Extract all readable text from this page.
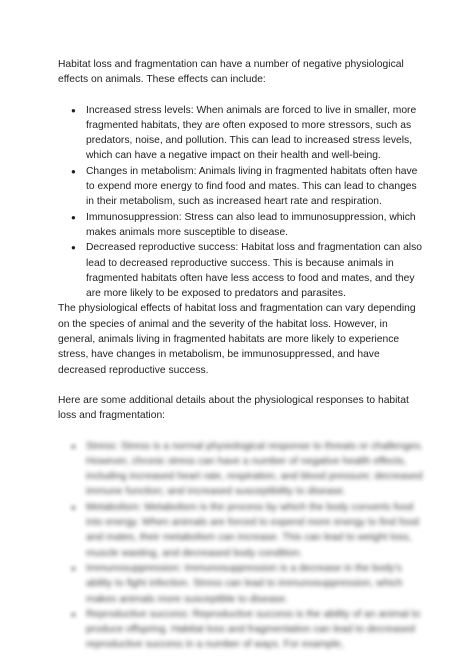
Habitat loss and fragmentation can have a number of negative physiological effects on animals. These effects can include:

● Increased stress levels: When animals are forced to live in smaller, more fragmented habitats, they are often exposed to more stressors, such as predators, noise, and pollution. This can lead to increased stress levels, which can have a negative impact on their health and well-being.
● Changes in metabolism: Animals living in fragmented habitats often have to expend more energy to find food and mates. This can lead to changes in their metabolism, such as increased heart rate and respiration.
● Immunosuppression: Stress can also lead to immunosuppression, which makes animals more susceptible to disease.
● Decreased reproductive success: Habitat loss and fragmentation can also lead to decreased reproductive success. This is because animals in fragmented habitats often have less access to food and mates, and they are more likely to be exposed to predators and parasites.

The physiological effects of habitat loss and fragmentation can vary depending on the species of animal and the severity of the habitat loss. However, in general, animals living in fragmented habitats are more likely to experience stress, have changes in metabolism, be immunosuppressed, and have decreased reproductive success.

Here are some additional details about the physiological responses to habitat loss and fragmentation:

● Stress: Stress is a normal physiological response to threats or challenges. However, chronic stress can have a number of negative health effects, including increased heart rate, respiration, and blood pressure; decreased immune function; and increased susceptibility to disease.
● Metabolism: Metabolism is the process by which the body converts food into energy. When animals are forced to expend more energy to find food and mates, their metabolism can increase. This can lead to weight loss, muscle wasting, and decreased body condition.
● Immunosuppression: Immunosuppression is a decrease in the body's ability to fight infection. Stress can lead to immunosuppression, which makes animals more susceptible to disease.
● Reproductive success: Reproductive success is the ability of an animal to produce offspring. Habitat loss and fragmentation can lead to decreased reproductive success in a number of ways. For example,
